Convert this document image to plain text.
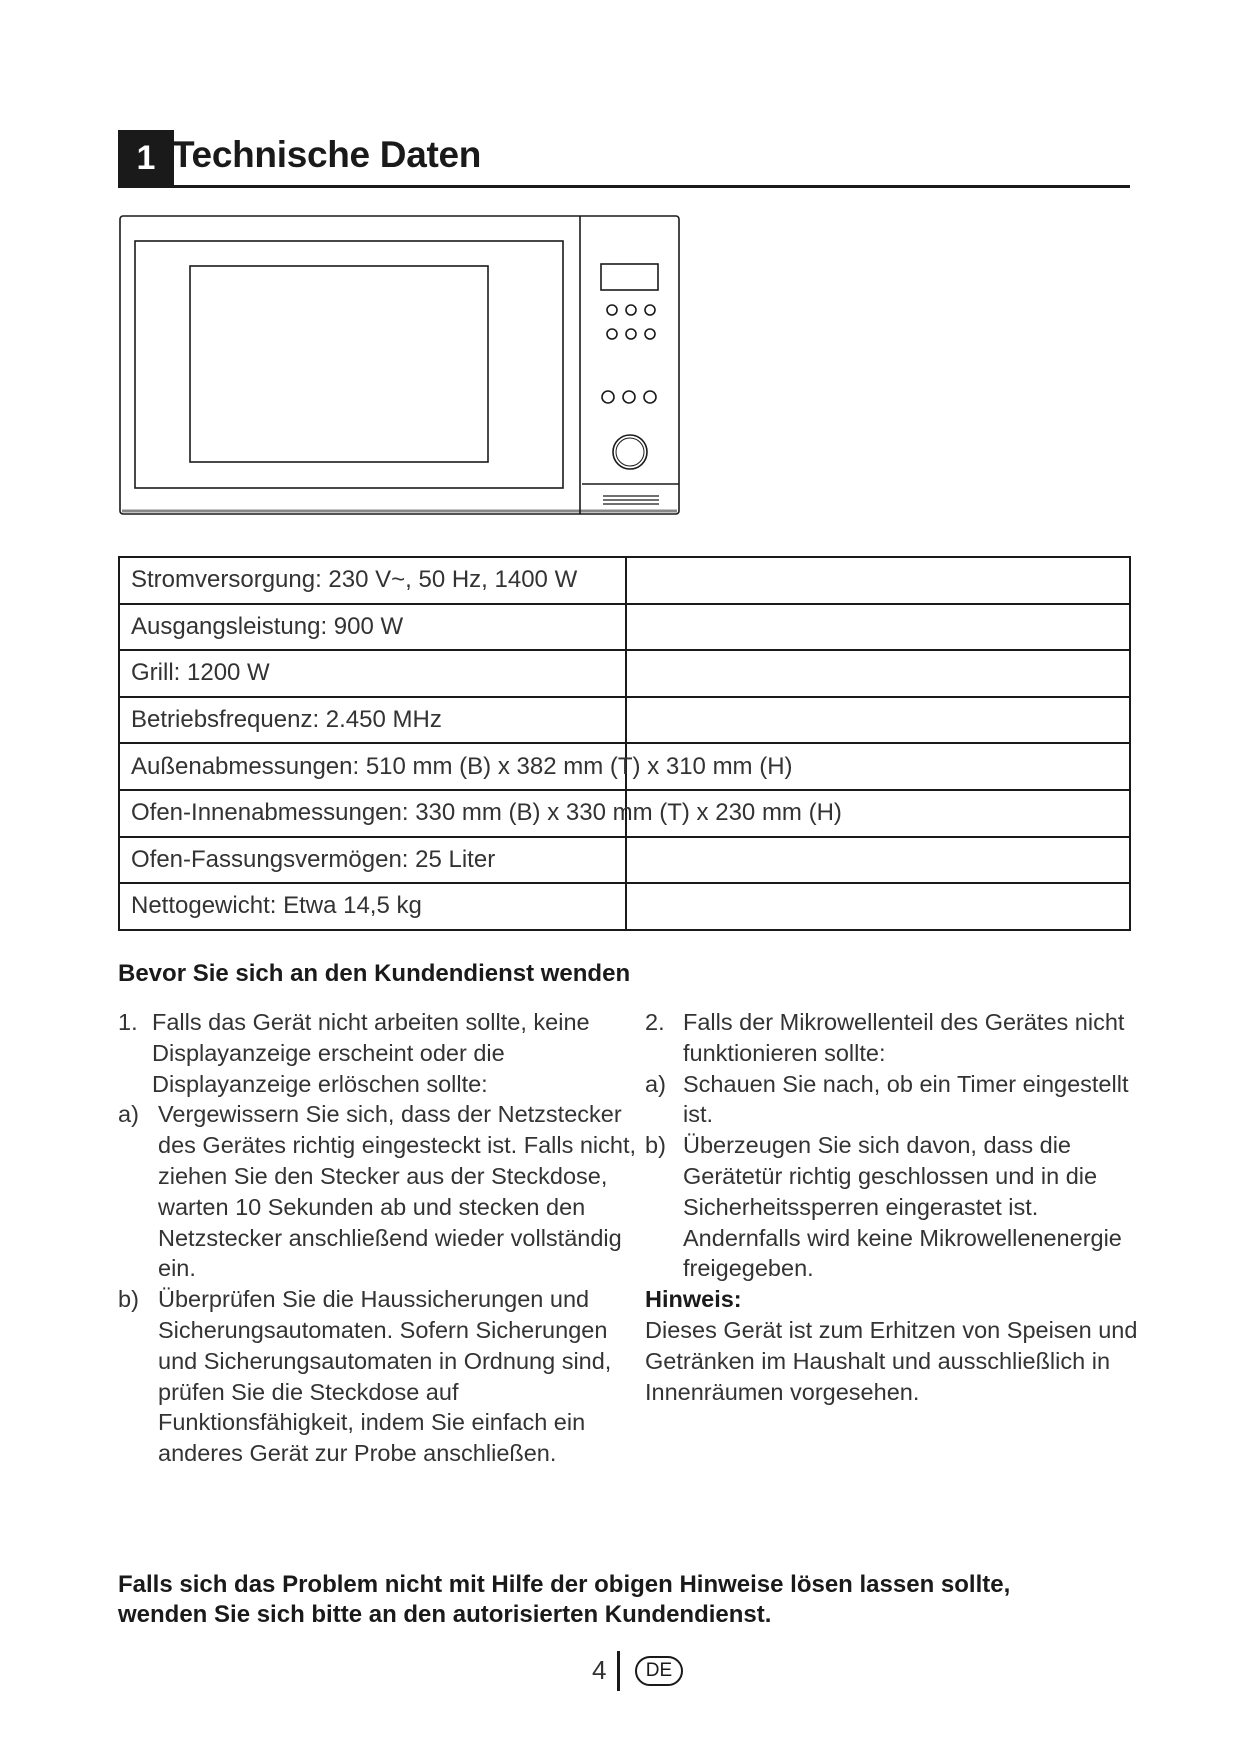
1 Technische Daten
Stromversorgung: 230 V~, 50 Hz, 1400 W	
Ausgangsleistung: 900 W	
Grill: 1200 W	
Betriebsfrequenz: 2.450 MHz	

Außenabmessungen: 510 mm (B) x 382 mm (T) x 310 mm (H)	

Ofen-Innenabmessungen: 330 mm (B) x 330 mm (T) x 230 mm (H)	
Ofen-Fassungsvermögen: 25 Liter	
Nettogewicht: Etwa 14,5 kg	
Bevor Sie sich an den Kundendienst wenden
1. Falls das Gerät nicht arbeiten sollte, keine Displayanzeige erscheint oder die Displayanzeige erlöschen sollte:
a) Vergewissern Sie sich, dass der Netzstecker des Gerätes richtig eingesteckt ist. Falls nicht, ziehen Sie den Stecker aus der Steckdose, warten 10 Sekunden ab und stecken den Netzstecker anschließend wieder vollständig ein.
b) Überprüfen Sie die Haussicherungen und Sicherungsautomaten. Sofern Sicherungen und Sicherungsautomaten in Ordnung sind, prüfen Sie die Steckdose auf Funktionsfähigkeit, indem Sie einfach ein anderes Gerät zur Probe anschließen.
2. Falls der Mikrowellenteil des Gerätes nicht funktionieren sollte:
a) Schauen Sie nach, ob ein Timer eingestellt ist.
b) Überzeugen Sie sich davon, dass die Gerätetür richtig geschlossen und in die Sicherheitssperren eingerastet ist. Andernfalls wird keine Mikrowellenenergie freigegeben.
Hinweis:
Dieses Gerät ist zum Erhitzen von Speisen und Getränken im Haushalt und ausschließlich in Innenräumen vorgesehen.
Falls sich das Problem nicht mit Hilfe der obigen Hinweise lösen lassen sollte, wenden Sie sich bitte an den autorisierten Kundendienst.
4	DE
